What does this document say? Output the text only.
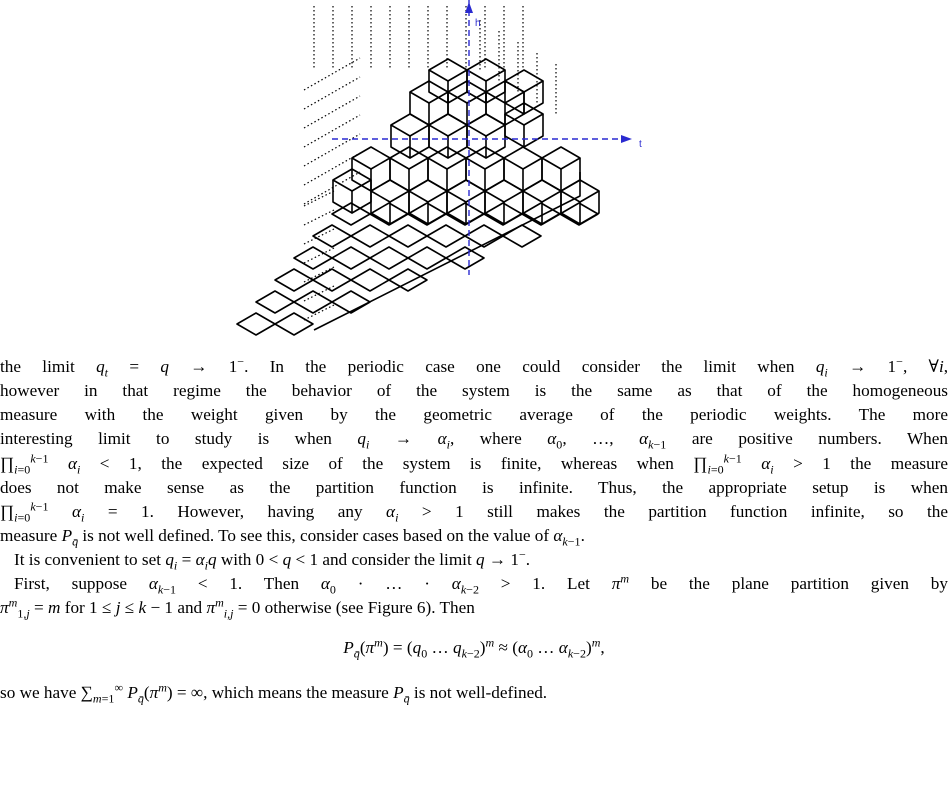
h
t
the limit $q_t = q \to 1^-$. In the periodic case one could consider the limit when $q_i \to 1^-$, ∀i,
however in that regime the behavior of the system is the same as that of the homogeneous
measure with the weight given by the geometric average of the periodic weights. The more
interesting limit to study is when $q_i \to \alpha_i$, where $\alpha_0$, …, $\alpha_{k-1}$ are positive numbers. When
$\prod_{i=0}^{k-1}$ $\alpha_i < 1$, the expected size of the system is finite, whereas when $\prod_{i=0}^{k-1}$ $\alpha_i > 1$ the measure
does not make sense as the partition function is infinite. Thus, the appropriate setup is when
$\prod_{i=0}^{k-1}$ $\alpha_i = 1$. However, having any $\alpha_i > 1$ still makes the partition function infinite, so the
measure $P_{q̄}$ is not well defined. To see this, consider cases based on the value of $\alpha_{k-1}$.
It is convenient to set $q_i = \alpha_iq$ with 0 < q < 1 and consider the limit q → 1−.
First, suppose $\alpha_{k-1} < 1$. Then $\alpha_0$ · … · $\alpha_{k-2} > 1$. Let $\pi^m$ be the plane partition given by
$\pi^m_{1,j} = m$ for 1 ≤ j ≤ k − 1 and $\pi^m_{i,j} = 0$ otherwise (see Figure 6). Then
$P_{q̄}(\pi^m) = (q_0$ … $q_{k-2})^m \approx (\alpha_0$ … $\alpha_{k-2})^m$,
so we have $\sum_{m=1}^\infty$ $P_{q̄}(\pi^m)$ = ∞, which means the measure $P_{q̄}$ is not well-defined.
